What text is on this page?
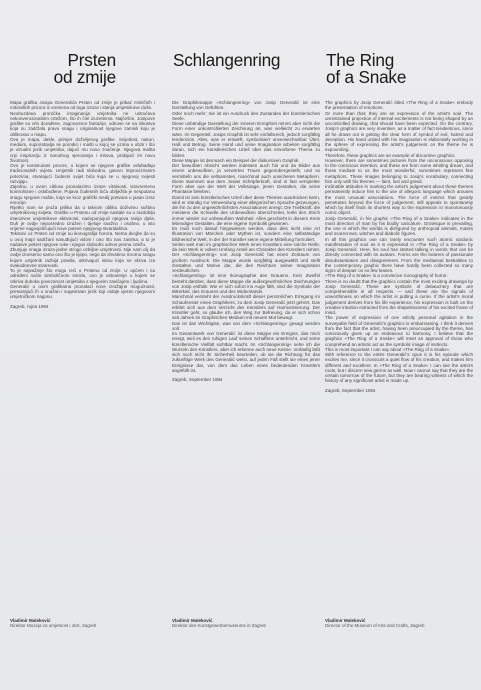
Prsten
od zmije
Schlangenring	The Ring
of a Snake

Mapa grafika Josipa Generalića Prsten od zmije je prikaz mističnih i mitoloških prizora iz vremena od toga izraza i stanja umjetnikove duše.

Neobuzdana proročka imaginacija umjetnika ne ustručava nekonvencionalnim crtežom, što ih čini izuzetnima. Najčešće, Josipove grafike su vrlo dorađene, zagovornice fantazije, odnose se na iskustva koja su zadržala pravu snagu i originalnost njegove zamisli koju je oblikovao u mapu.

Ova je mapa, dakle, primjer doživljenog grafike. Svijetlost, nakon, medium, suprotstavlja se porodici i mašti u kojoj se uzima u obzir i što je vizualni jezik umjetnika, dajući mu novo značenje. Njegova mašta crpi inspiraciju iz narodnog vjerovanja i mitova, pridajući im novu životnost.

Ovo je kontinuirani proces, u kojem se njegove grafike oslobađaju tradicionalnih uvjeta. Umjetnik radi slobodno, gotovo improviziranim potezima, stvarajući čudesni svijet bića koja se u njegovoj svijesti razvijaju.

Zajedno, u ovom ciklusu pronalazimo izraze vitalnosti, istovremeno kontrolirane i oslobođene. Pojava čudesnih bića obilježila je nesputanu snagu njegove mašte, koja se kroz grafički medij pretvara u jasan izraz emocije.

Rijetko nam se pruža prilika da u takvom obliku doživimo suštinu umjetnikovog svijeta. Grafike u Prstenu od zmije nastale su u razdoblju intenzivne umjetnikove aktivnosti, nadopunjujući njegova ranija djela. Duh je ovdje neposredno izražen i djeluje snažno i osobno, u isto vrijeme nagovješćujući nove puteve njegovog stvaralaštva.

Tekstovi uz Prsten od zmije su ikonografija horora. Nema dvojbe da su u ovoj mapi sadržani nasuđujući vidovi i ono što nas zanima, a to je nadasve pokret njegove ruke i njegov slobodni odnos prema crtežu.

Zbunjuje snaga izraza jedne strogo ozbiljne umjetnosti. Nije nam cilj da ovdje iznesemo samo ono što je lijepo, nego da shvatimo izvornu snagu kojom umjetnik razbija pravila, otkrivajući istinu koja se skriva iza svakodnevne stvarnosti.

To je najvažnije što mogu reći o Prstenu od zmije. U općem i na određeni način simboličnom smislu, ovo je ostvarenje u kojem se otkriva duboka povezanost umjetnika s njegovim zavičajem i ljudima.

Generalić u ovim grafikama pronalazi nove izražajne mogućnosti, pretvarajući ih u snažan i sugestivan jezik koji ostaje vjeran njegovom umjetničkom nagonu.

Zagreb, rujna 1984

Die Graphikmappe »Schlangenring« von Josip Generalić ist eine Darstellung von Gefühlen.

Oder noch mehr: Sie ist ein Ausdruck des Zustandes der künstlerischen Seele.

Diese unbändige Darstellung der inneren Erregtheit nimmt aber nicht die Form einer unkontrollierten Zeichnung an, was vielleicht zu erwarten wäre. Im Gegenteil: Josips Graphik ist sehr einfallsreich, jedoch sorgfältig tendenziös. Alles, was er entwirft, symbolisiert unverwechselbar Übel, Haß und Betrug. Seine Hand und seine Imagination arbeiten sorgfältig daran, sich ein künstlerisches Urteil über das erworbene Thema zu bilden.

Diese Mappe ist demnach ein Beispiel der diskursiven Graphik.

Der bewußten Absicht werden indessen auch hin und da Bilder aus einem unbewußten, ja verwirrten Traum gegenübergestellt, und so vermitteln uns die seltsamsten, manchmal auch unsicheren Metaphern. Diese stammen aus dem Josias Schöpferkraft, sind in fast verspielter Form aber aus der Welt der Volkssage, jenen Gestalten, die seine Phantasie beleben.

Damit ist sein künstlerisches Urteil über diese Themen ausdrücken kann, wird er ständig zur Verwendung einer allegorischen Sprache gezwungen, die ihn zu den ungewöhnlichsten Assoziationen anregt. Die Triebkraft, die meistens die Schwelle des Unbewußten überschreitet, lenkt den Strich immer wieder zur unbewußten Wahrheit. Alles geschieht in diesem Kreis lebendiger Gestalten, die eine eigene Symbolik gewinnen.

Es muß noch darauf hingewiesen werden, dass dies nicht eine Art Illustration von Märchen oder Mythen ist, sondern eine selbständige bildnerische Welt, in der der Künstler seine eigene Mitteilung formuliert.

Seiten weit man im graphischen Werk eines Künstlers eine solche Reife, da sein Werk in vollem Umfang Anteil am Charakter des Künstlers nimmt. Der »Schlangenring« von Josip Generalić hat einen Zeitraum von großem Ausdruck. Die Mappe wurde sorgfältig ausgewählt und stellt Gestalten und Motive dar, die den Reichtum seiner Imagination verdeutlichen.

»Schlangenring« ist eine Ikonographie des Grauens. Kein Zweifel besteht darüber, dass diese Mappe die außergewöhnlichen Zeichnungen von Josip enthält. Wie er sich sofort ins Auge fällt, sind die Symbole der Bitterkeit, des Grauens und des Widerstands.

Manchmal versteht der Ausdruckskraft dieser persönlichen Erregung im Schaufenster eines Graphikers, zu dem Josip Generalić jetzt gehört. Das erklärt sich aus dem Verzicht des Künstlers auf Harmonisierung. Der Künstler geht, so glaube ich, den Weg zur Befreiung, da er sich schon seit Jahren im Graphischen Medium mit neuem Mut bewegt.

Das ist das Wichtigste, was von dem »Schlangenring« gesagt werden soll.

Im Gesamtwerk von Generalić ist diese Mappe ein Ereignis, das mich erregt, weil es den ruhigen Lauf seines Schaffens unterbricht, und seine künstlerische Vielfalt sichtbar macht. Im »Schlangenring« sehe ich die Wurzeln des Künstlers, aber ich erkenne auch neue Keime. Vorläufig läßt sich noch nicht ihr Sicherheit beurteilen, ob sie die Richtung für das zukünftige Werk des Generalić weist, auf jeden Fall stellt sie eines jener Ereignisse dar, von dem das Leben eines bedeutenden Künstlers angefüllt ist.

Zagreb, September 1984

The graphics by Josip Generalić titled »The Ring of a Snake« embody the presentation of emotions.

Or more than that: they are an expression of the artist's soul. The unrestrained projection of internal excitements is not being shaped by an uncontrolled drawing, that should have been expected. On the contrary, Josip's graphics are very inventive, as a matter of fact tendentious, since all he draws out is getting the clear form of symbol of evil, hatred and deception. His hand united with his imagination is elaborately working in the sphere of expressing the artist's judgement on the theme he is expounding.

Therefore, these graphics are an example of discursive graphics.

However, there are sometimes pictures from the unconscious opposing to the conscious intention, and these are from some whirling dream, and those mediate to us the most wonderful, sometimes represent fine metaphors. These images belonging to Josip's vocabulary, connecting him only with his themes — faint, lust and greed.

Inclinable attitudes in marking the artist's judgement about these themes permanently induce him to the use of allegoric language which arouses the most unusual associations. The force of instinct that greatly penetrates beyond the force of judgement, still appeals to spontaneity which by itself finds its shortest way to the expression in monotonously comic object.

Josip Generalić, in his graphic »The Ring of a Snake« indicates in the most direction of man by his bodily caricature. Grotesque is prevailing, the one in which the worlds is disfigured by anthropoid animals, masks and scarecrows, witches and diabolic figures.

In all this graphics one can rarely encounter such atomic sardonic manifestation of soul as it is expressed in »The Ring of a Snake« by Josip Generalić. Here, his soul has started talking in words that can be directly connected with its avatars. Forms are the bearers of passionate desubstantiation and disagreement. From the mediaeval bestialities to the contemporary graphic there have hardly been collected so many signs of despair on so few leaves.

»The Ring of a Snake« is a convincive iconography of horror.

There is no doubt that the graphics contain the most exciting drawings by Josip Generalić. These are symbols of debauchery that are comprehensible in all respects — and these are the signals of unworthiness on which the artist is putting a curse. If the artist's moral judgement derives from his life experience, his expression is built on the creative intuition extracted from the shapelessness of his excited frame of mind.

The power of expression of one strictly personal agitation in the surveyable field of Generalić's graphics is embarrassing. I think it derives from the fact that the artist, having been preoccupied by the theme, has consciously given up an endeavour to harmony. I believe that the graphics »The Ring of a Snake« will meet an approval of those who comprehend an artistic act as the symbolic image of instincts.

This is most important I can say about »The Ring of a Snake«.

With reference to the entire Generalić's opus it is his episode which excites me, since it crosscuts a quiet flow of his creation, and makes him different and excellent. In »The Ring of a Snake« I can see the artist's roots, but I discern new germs as well. Now I cannot say that they are the certain tomorrow of the future, but they are bearing witness of which the history of any significant artist is made up.

Zagreb, September 1984

Vladimir Maleković
Direktor Muzeja za umjetnost i obrt, Zagreb
Vladimir Maleković
Direktor des Kunstgewerbemuseums in Zagreb
Vladimir Maleković
Director of the Museum of Arts and Crafts, Zagreb
